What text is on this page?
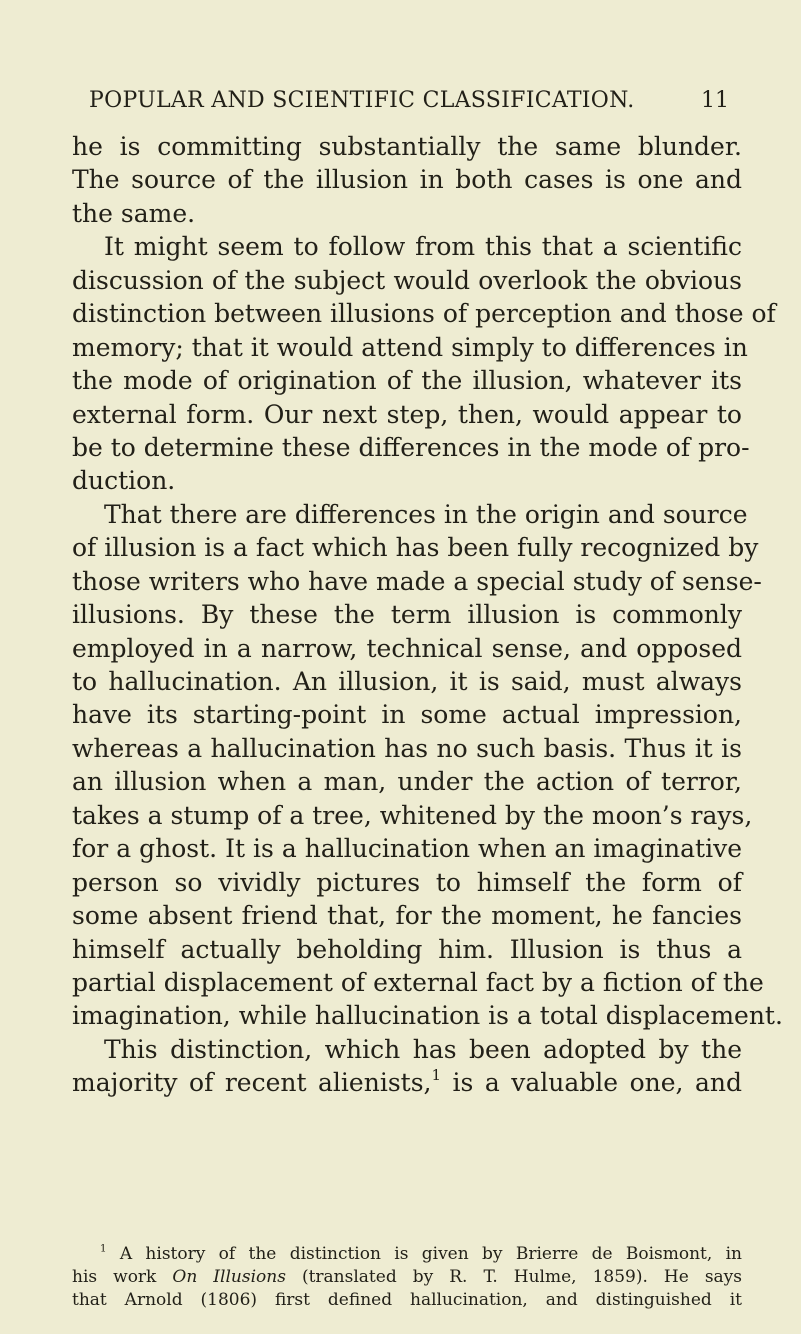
POPULAR AND SCIENTIFIC CLASSIFICATION.	11
he is committing substantially the same blunder.
The source of the illusion in both cases is one and
the same.
It might seem to follow from this that a scientific
discussion of the subject would overlook the obvious
distinction between illusions of perception and those of
memory; that it would attend simply to differences in
the mode of origination of the illusion, whatever its
external form. Our next step, then, would appear to
be to determine these differences in the mode of pro-
duction.
That there are differences in the origin and source
of illusion is a fact which has been fully recognized by
those writers who have made a special study of sense-
illusions. By these the term illusion is commonly
employed in a narrow, technical sense, and opposed
to hallucination. An illusion, it is said, must always
have its starting-point in some actual impression,
whereas a hallucination has no such basis. Thus it is
an illusion when a man, under the action of terror,
takes a stump of a tree, whitened by the moon’s rays,
for a ghost. It is a hallucination when an imaginative
person so vividly pictures to himself the form of
some absent friend that, for the moment, he fancies
himself actually beholding him. Illusion is thus a
partial displacement of external fact by a fiction of the
imagination, while hallucination is a total displacement.
This distinction, which has been adopted by the
majority of recent alienists,$^1$ is a valuable one, and
$^1$ A history of the distinction is given by Brierre de Boismont, in
his work On Illusions (translated by R. T. Hulme, 1859). He says
that Arnold (1806) first defined hallucination, and distinguished it
